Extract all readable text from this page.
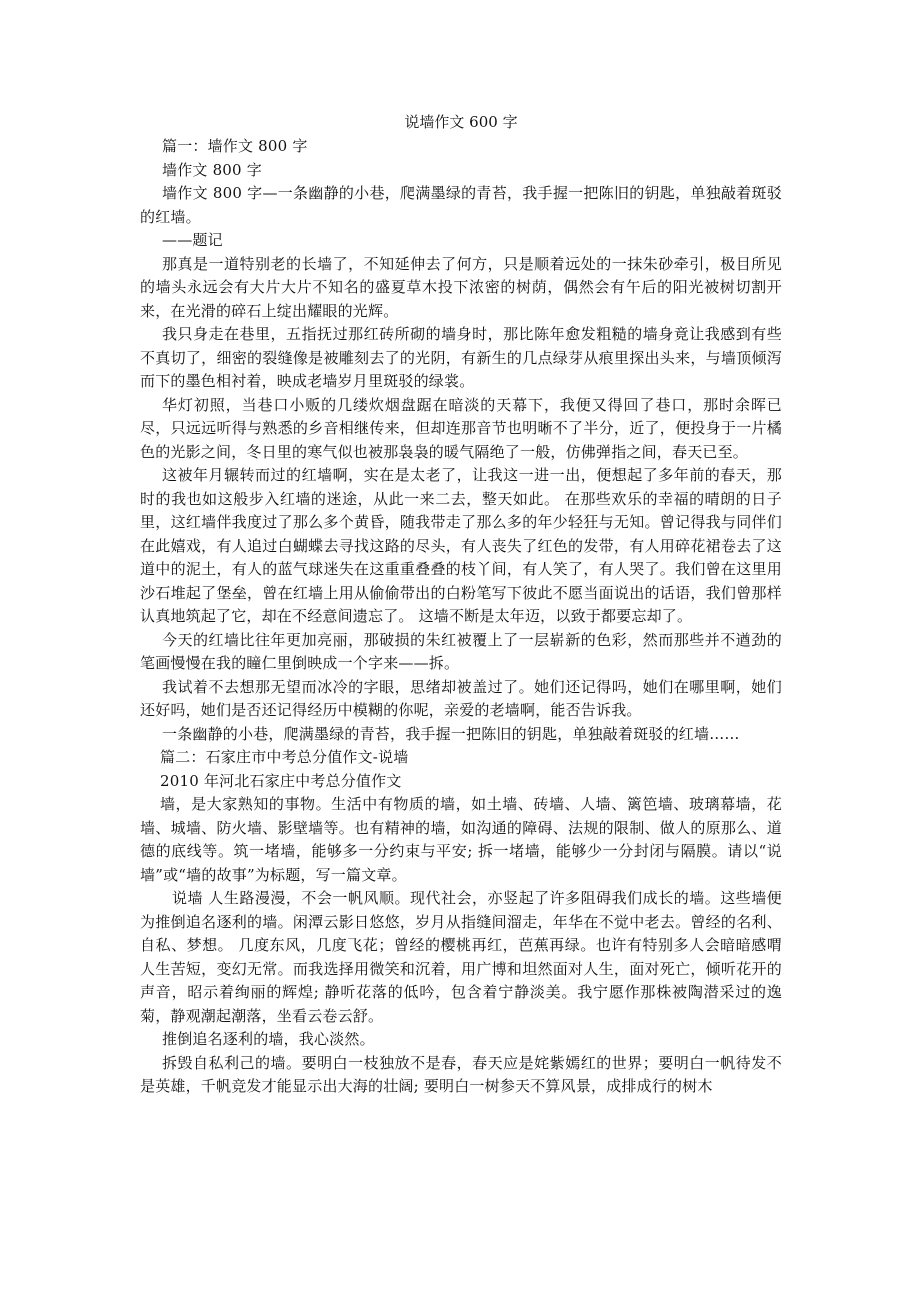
说墙作文 600 字

篇一：墙作文 800 字

墙作文 800 字

墙作文 800 字—一条幽静的小巷，爬满墨绿的青苔，我手握一把陈旧的钥匙，单独敲着斑驳的红墙。

——题记

那真是一道特别老的长墙了，不知延伸去了何方，只是顺着远处的一抹朱砂牵引，极目所见的墙头永远会有大片大片不知名的盛夏草木投下浓密的树荫，偶然会有午后的阳光被树切割开来，在光滑的碎石上绽出耀眼的光辉。

我只身走在巷里，五指抚过那红砖所砌的墙身时，那比陈年愈发粗糙的墙身竟让我感到有些不真切了，细密的裂缝像是被雕刻去了的光阴，有新生的几点绿芽从痕里探出头来，与墙顶倾泻而下的墨色相衬着，映成老墙岁月里斑驳的绿裳。

华灯初照，当巷口小贩的几缕炊烟盘踞在暗淡的天幕下，我便又得回了巷口，那时余晖已尽，只远远听得与熟悉的乡音相继传来，但却连那音节也明晰不了半分，近了，便投身于一片橘色的光影之间，冬日里的寒气似也被那袅袅的暖气隔绝了一般，仿佛弹指之间，春天已至。

这被年月辗转而过的红墙啊，实在是太老了，让我这一进一出，便想起了多年前的春天，那时的我也如这般步入红墙的迷途，从此一来二去，整天如此。 在那些欢乐的幸福的晴朗的日子里，这红墙伴我度过了那么多个黄昏，随我带走了那么多的年少轻狂与无知。曾记得我与同伴们在此嬉戏，有人追过白蝴蝶去寻找这路的尽头，有人丧失了红色的发带，有人用碎花裙卷去了这道中的泥土，有人的蓝气球迷失在这重重叠叠的枝丫间，有人笑了，有人哭了。我们曾在这里用沙石堆起了堡垒，曾在红墙上用从偷偷带出的白粉笔写下彼此不愿当面说出的话语，我们曾那样认真地筑起了它，却在不经意间遗忘了。 这墙不断是太年迈，以致于都要忘却了。

今天的红墙比往年更加亮丽，那破损的朱红被覆上了一层崭新的色彩，然而那些并不遒劲的笔画慢慢在我的瞳仁里倒映成一个字来——拆。

我试着不去想那无望而冰冷的字眼，思绪却被盖过了。她们还记得吗，她们在哪里啊，她们还好吗，她们是否还记得经历中模糊的你呢，亲爱的老墙啊，能否告诉我。

一条幽静的小巷，爬满墨绿的青苔，我手握一把陈旧的钥匙，单独敲着斑驳的红墙……

篇二：石家庄市中考总分值作文-说墙

2010 年河北石家庄中考总分值作文

墙，是大家熟知的事物。生活中有物质的墙，如土墙、砖墙、人墙、篱笆墙、玻璃幕墙，花墙、城墙、防火墙、影壁墙等。也有精神的墙，如沟通的障碍、法规的限制、做人的原那么、道德的底线等。筑一堵墙，能够多一分约束与平安; 拆一堵墙，能够少一分封闭与隔膜。请以“说墙”或“墙的故事”为标题，写一篇文章。

说墙 人生路漫漫，不会一帆风顺。现代社会，亦竖起了许多阻碍我们成长的墙。这些墙便为推倒追名逐利的墙。闲潭云影日悠悠，岁月从指缝间溜走，年华在不觉中老去。曾经的名利、自私、梦想。 几度东风，几度飞花；曾经的樱桃再红，芭蕉再绿。也许有特别多人会暗暗感喟人生苦短，变幻无常。而我选择用微笑和沉着，用广博和坦然面对人生，面对死亡，倾听花开的声音，昭示着绚丽的辉煌; 静听花落的低吟，包含着宁静淡美。我宁愿作那株被陶潜采过的逸菊，静观潮起潮落，坐看云卷云舒。

推倒追名逐利的墙，我心淡然。

拆毁自私利己的墙。要明白一枝独放不是春，春天应是姹紫嫣红的世界；要明白一帆待发不是英雄，千帆竞发才能显示出大海的壮阔; 要明白一树参天不算风景，成排成行的树木
